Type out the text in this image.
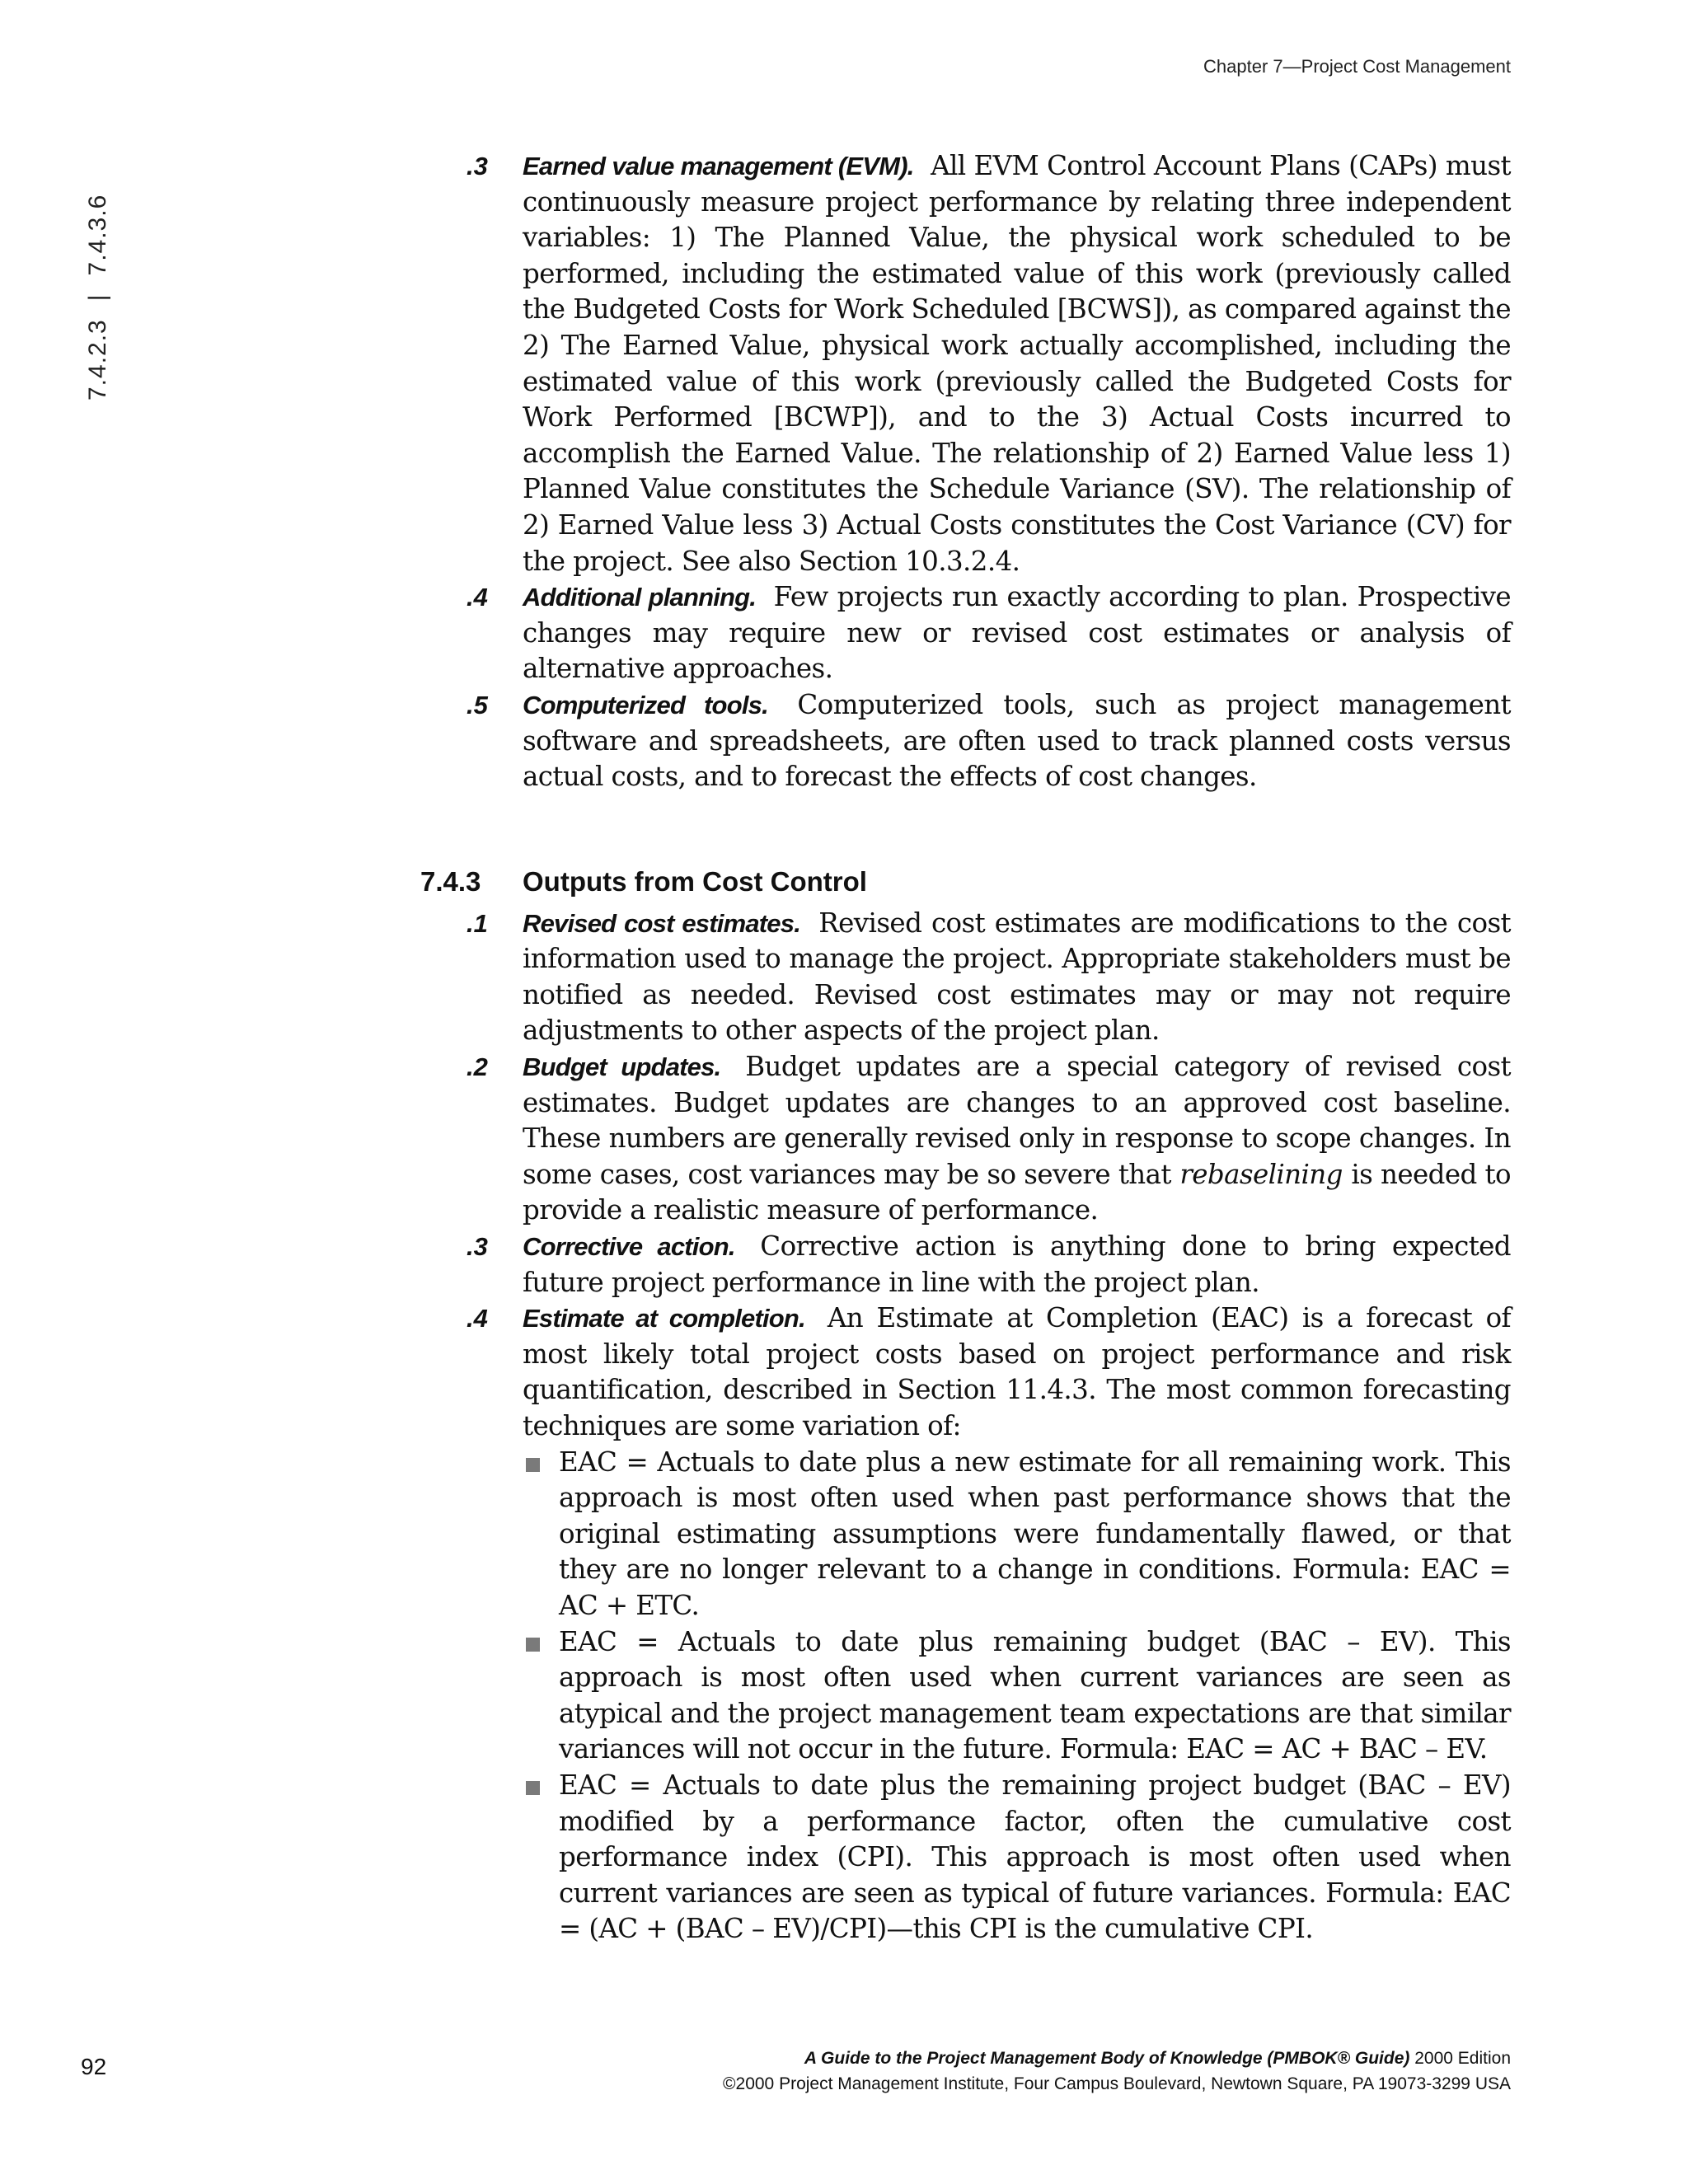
Chapter 7—Project Cost Management
7.4.2.3|7.4.3.6
.3 Earned value management (EVM). All EVM Control Account Plans (CAPs) must continuously measure project performance by relating three independent variables: 1) The Planned Value, the physical work scheduled to be performed, including the estimated value of this work (previously called the Budgeted Costs for Work Scheduled [BCWS]), as compared against the 2) The Earned Value, physical work actually accomplished, including the estimated value of this work (previously called the Budgeted Costs for Work Performed [BCWP]), and to the 3) Actual Costs incurred to accomplish the Earned Value. The relationship of 2) Earned Value less 1) Planned Value constitutes the Schedule Variance (SV). The relationship of 2) Earned Value less 3) Actual Costs constitutes the Cost Variance (CV) for the project. See also Section 10.3.2.4.
.4 Additional planning. Few projects run exactly according to plan. Prospective changes may require new or revised cost estimates or analysis of alternative approaches.
.5 Computerized tools. Computerized tools, such as project management software and spreadsheets, are often used to track planned costs versus actual costs, and to forecast the effects of cost changes.
7.4.3 Outputs from Cost Control
.1 Revised cost estimates. Revised cost estimates are modifications to the cost information used to manage the project. Appropriate stakeholders must be notified as needed. Revised cost estimates may or may not require adjustments to other aspects of the project plan.
.2 Budget updates. Budget updates are a special category of revised cost estimates. Budget updates are changes to an approved cost baseline. These numbers are generally revised only in response to scope changes. In some cases, cost variances may be so severe that rebaselining is needed to provide a realistic measure of performance.
.3 Corrective action. Corrective action is anything done to bring expected future project performance in line with the project plan.
.4 Estimate at completion. An Estimate at Completion (EAC) is a forecast of most likely total project costs based on project performance and risk quantification, described in Section 11.4.3. The most common forecasting techniques are some variation of:
EAC = Actuals to date plus a new estimate for all remaining work. This approach is most often used when past performance shows that the original estimating assumptions were fundamentally flawed, or that they are no longer relevant to a change in conditions. Formula: EAC = AC + ETC.
EAC = Actuals to date plus remaining budget (BAC – EV). This approach is most often used when current variances are seen as atypical and the project management team expectations are that similar variances will not occur in the future. Formula: EAC = AC + BAC – EV.
EAC = Actuals to date plus the remaining project budget (BAC – EV) modified by a performance factor, often the cumulative cost performance index (CPI). This approach is most often used when current variances are seen as typical of future variances. Formula: EAC = (AC + (BAC – EV)/CPI)—this CPI is the cumulative CPI.
92	A Guide to the Project Management Body of Knowledge (PMBOK® Guide) 2000 Edition
©2000 Project Management Institute, Four Campus Boulevard, Newtown Square, PA 19073-3299 USA
